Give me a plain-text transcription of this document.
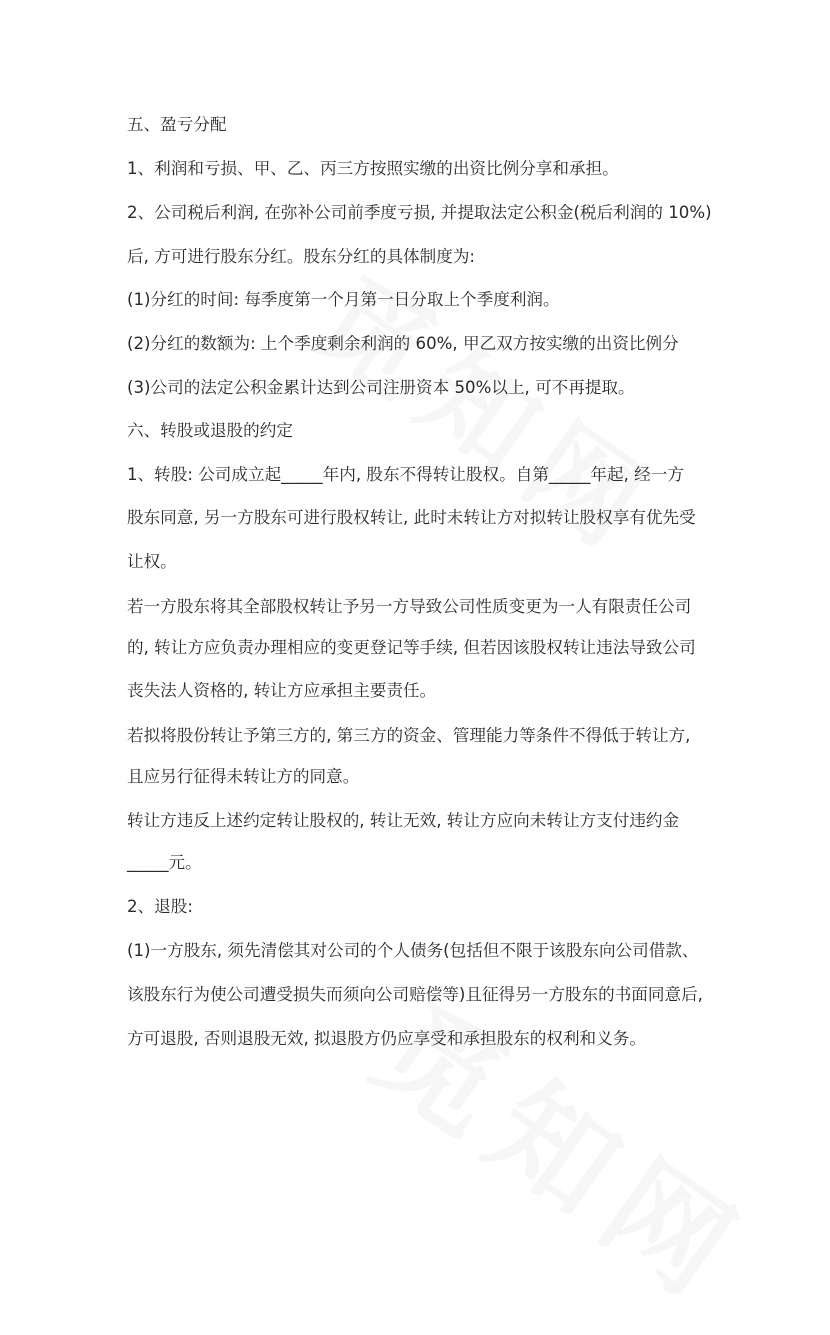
五、盈亏分配
1、利润和亏损、甲、乙、丙三方按照实缴的出资比例分享和承担。
2、公司税后利润, 在弥补公司前季度亏损, 并提取法定公积金(税后利润的 10%)
后, 方可进行股东分红。股东分红的具体制度为:
(1)分红的时间: 每季度第一个月第一日分取上个季度利润。
(2)分红的数额为: 上个季度剩余利润的 60%, 甲乙双方按实缴的出资比例分
(3)公司的法定公积金累计达到公司注册资本 50%以上, 可不再提取。
六、转股或退股的约定
1、转股: 公司成立起_____年内, 股东不得转让股权。自第_____年起, 经一方
股东同意, 另一方股东可进行股权转让, 此时未转让方对拟转让股权享有优先受
让权。
若一方股东将其全部股权转让予另一方导致公司性质变更为一人有限责任公司
的, 转让方应负责办理相应的变更登记等手续, 但若因该股权转让违法导致公司
丧失法人资格的, 转让方应承担主要责任。
若拟将股份转让予第三方的, 第三方的资金、管理能力等条件不得低于转让方,
且应另行征得未转让方的同意。
转让方违反上述约定转让股权的, 转让无效, 转让方应向未转让方支付违约金
_____元。
2、退股:
(1)一方股东, 须先清偿其对公司的个人债务(包括但不限于该股东向公司借款、
该股东行为使公司遭受损失而须向公司赔偿等)且征得另一方股东的书面同意后,
方可退股, 否则退股无效, 拟退股方仍应享受和承担股东的权利和义务。
